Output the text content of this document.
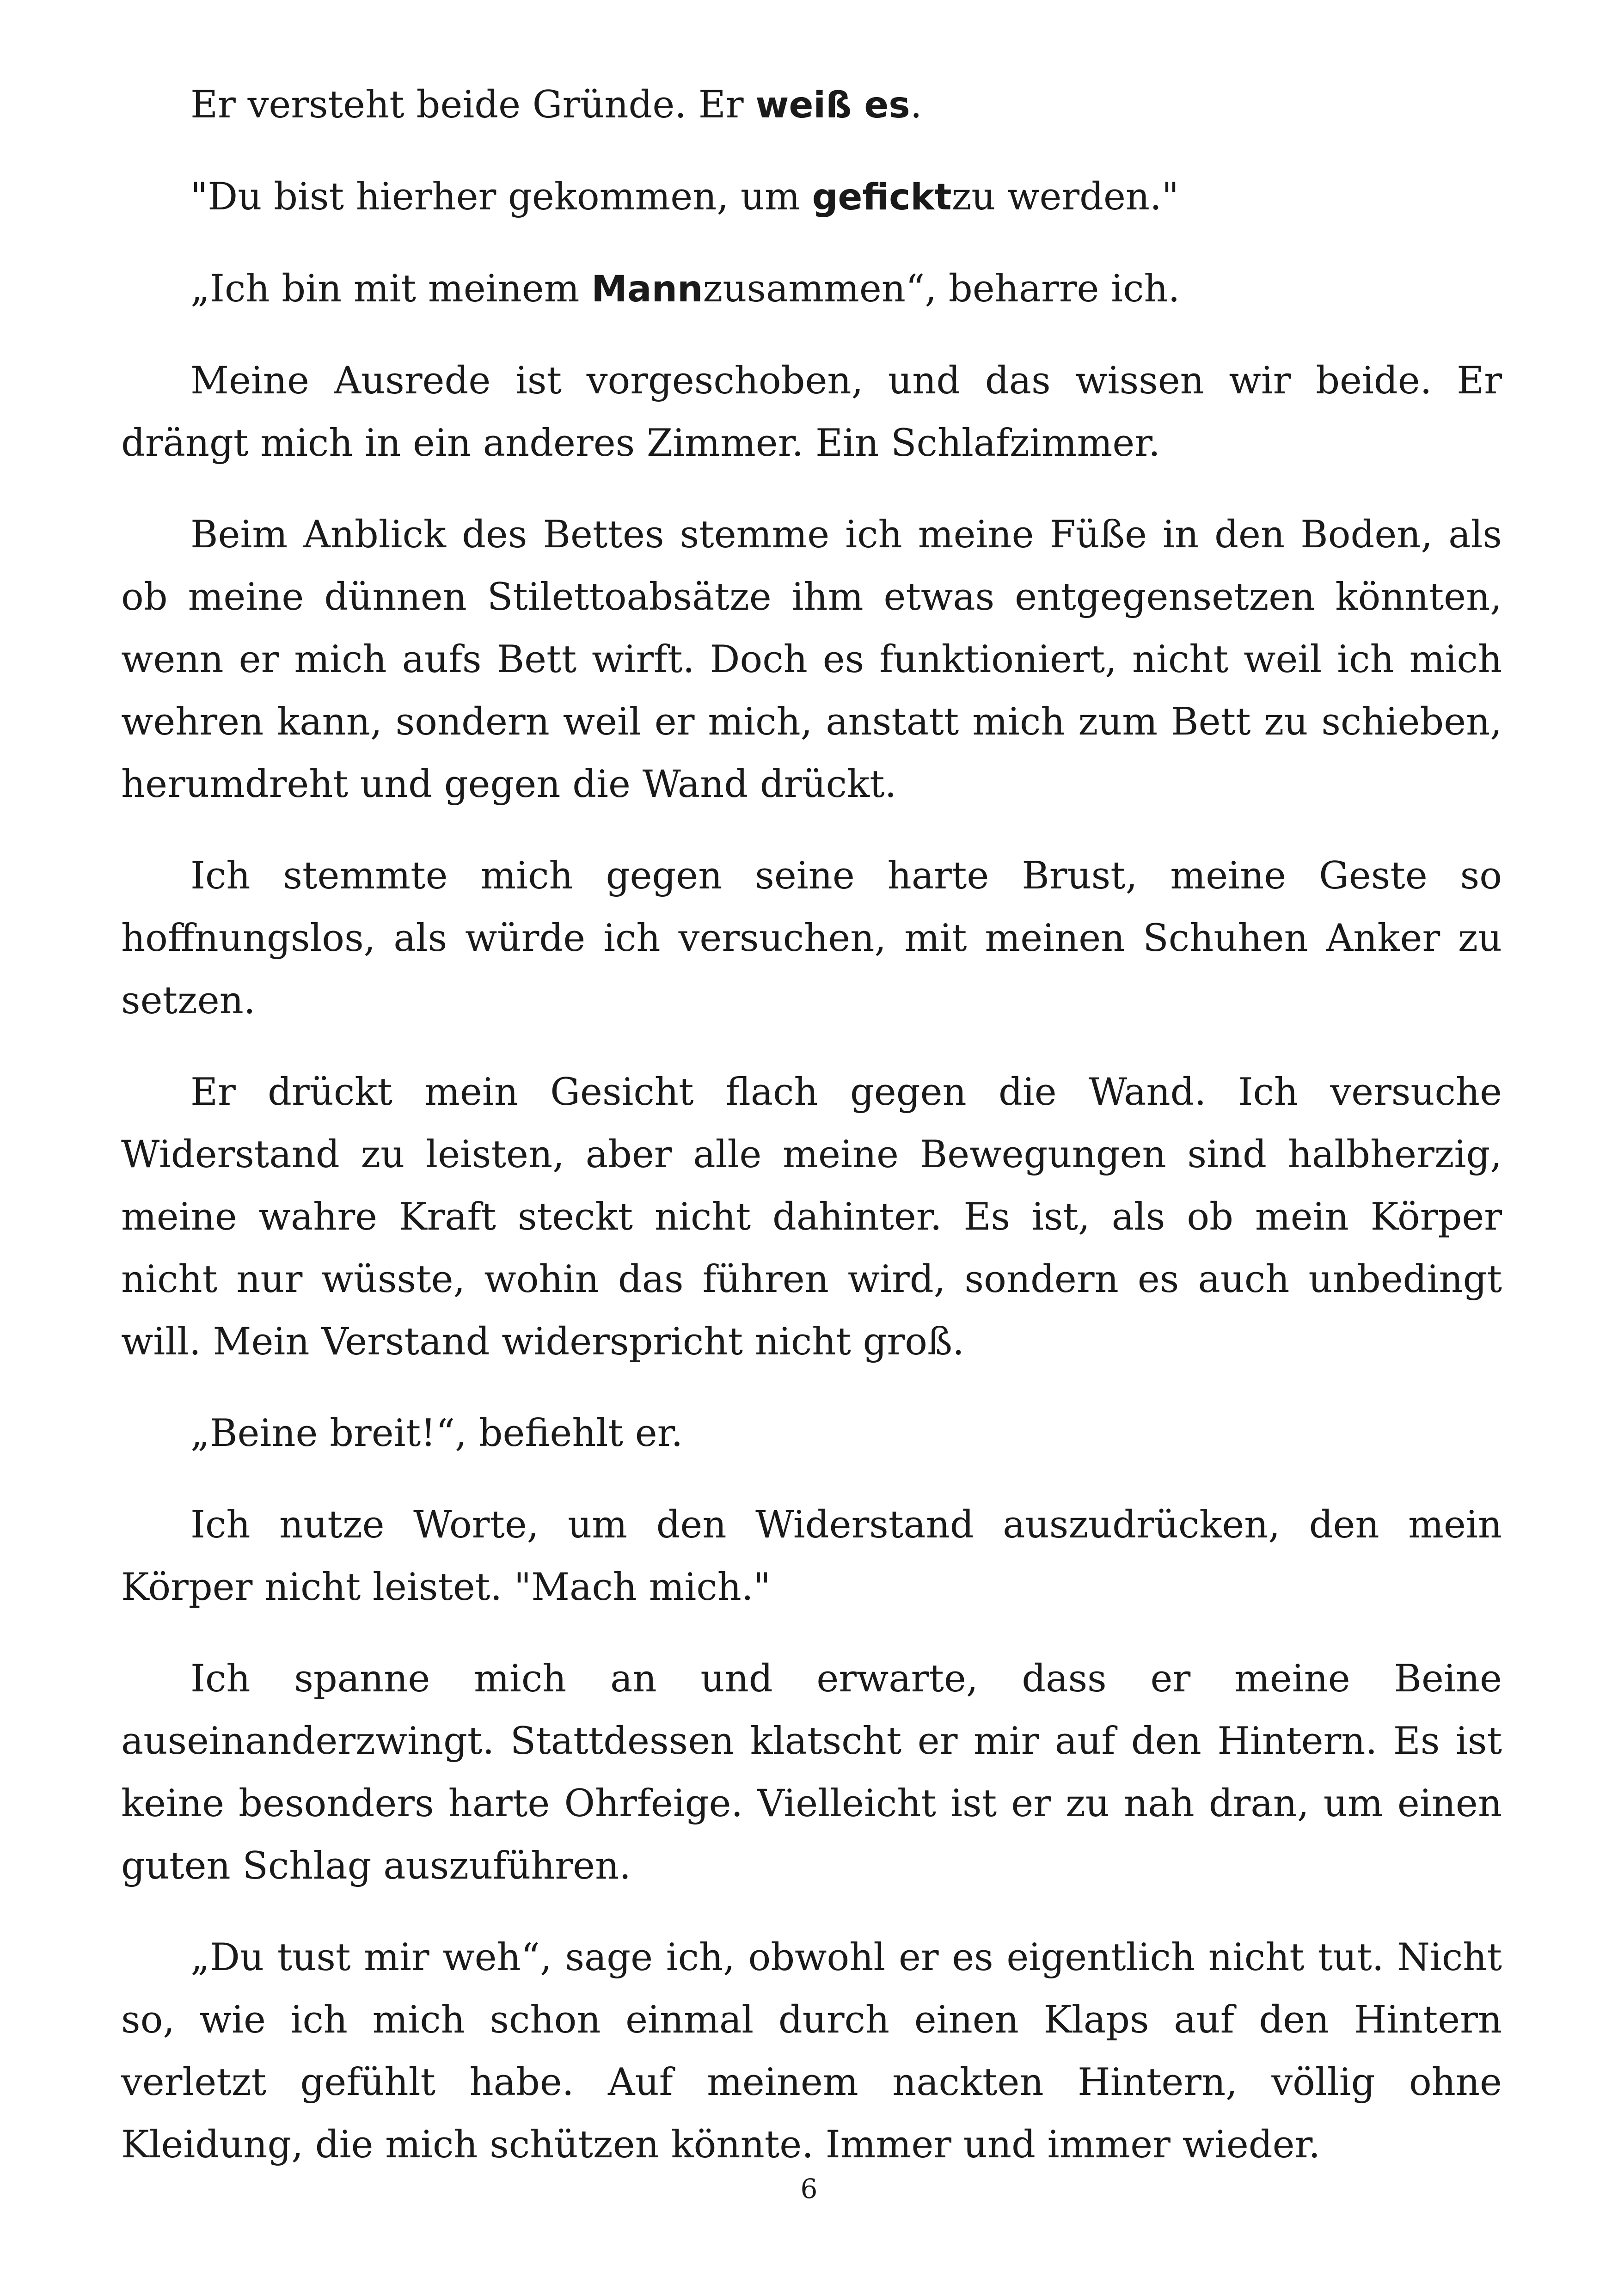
Er versteht beide Gründe. Er weiß es.

"Du bist hierher gekommen, um geficktzu werden."

„Ich bin mit meinem Mannzusammen“, beharre ich.

Meine Ausrede ist vorgeschoben, und das wissen wir beide. Er drängt mich in ein anderes Zimmer. Ein Schlafzimmer.

Beim Anblick des Bettes stemme ich meine Füße in den Boden, als ob meine dünnen Stilettoabsätze ihm etwas entgegensetzen könnten, wenn er mich aufs Bett wirft. Doch es funktioniert, nicht weil ich mich wehren kann, sondern weil er mich, anstatt mich zum Bett zu schieben, herumdreht und gegen die Wand drückt.

Ich stemmte mich gegen seine harte Brust, meine Geste so hoffnungslos, als würde ich versuchen, mit meinen Schuhen Anker zu setzen.

Er drückt mein Gesicht flach gegen die Wand. Ich versuche Widerstand zu leisten, aber alle meine Bewegungen sind halbherzig, meine wahre Kraft steckt nicht dahinter. Es ist, als ob mein Körper nicht nur wüsste, wohin das führen wird, sondern es auch unbedingt will. Mein Verstand widerspricht nicht groß.

„Beine breit!“, befiehlt er.

Ich nutze Worte, um den Widerstand auszudrücken, den mein Körper nicht leistet. "Mach mich."

Ich spanne mich an und erwarte, dass er meine Beine auseinanderzwingt. Stattdessen klatscht er mir auf den Hintern. Es ist keine besonders harte Ohrfeige. Vielleicht ist er zu nah dran, um einen guten Schlag auszuführen.

„Du tust mir weh“, sage ich, obwohl er es eigentlich nicht tut. Nicht so, wie ich mich schon einmal durch einen Klaps auf den Hintern verletzt gefühlt habe. Auf meinem nackten Hintern, völlig ohne Kleidung, die mich schützen könnte. Immer und immer wieder.

6
